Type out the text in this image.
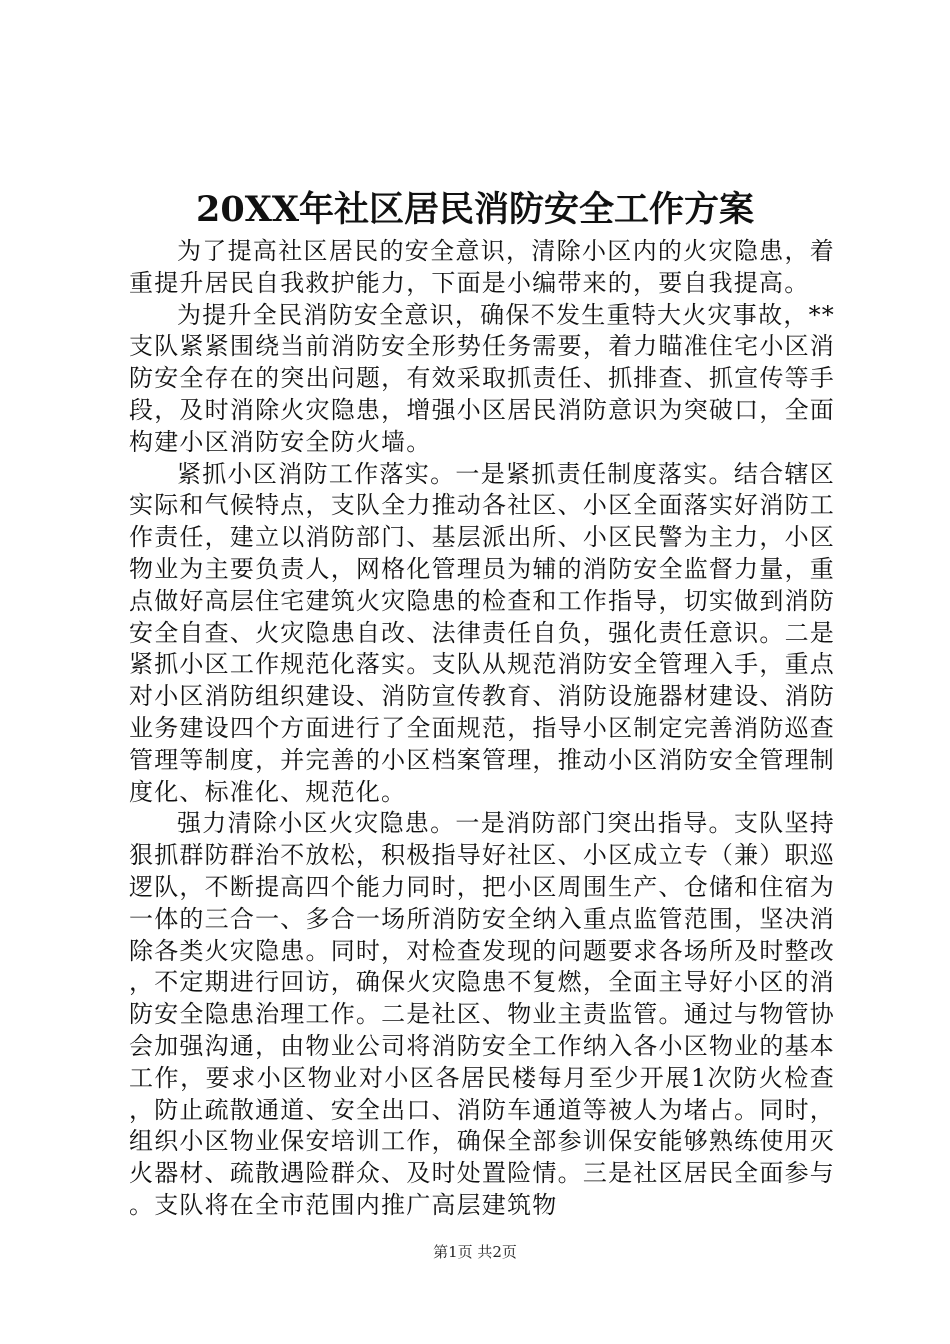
20XX年社区居民消防安全工作方案

为了提高社区居民的安全意识，清除小区内的火灾隐患，着重提升居民自我救护能力，下面是小编带来的，要自我提高。

为提升全民消防安全意识，确保不发生重特大火灾事故，**支队紧紧围绕当前消防安全形势任务需要，着力瞄准住宅小区消防安全存在的突出问题，有效采取抓责任、抓排查、抓宣传等手段，及时消除火灾隐患，增强小区居民消防意识为突破口，全面构建小区消防安全防火墙。

紧抓小区消防工作落实。一是紧抓责任制度落实。结合辖区实际和气候特点，支队全力推动各社区、小区全面落实好消防工作责任，建立以消防部门、基层派出所、小区民警为主力，小区物业为主要负责人，网格化管理员为辅的消防安全监督力量，重点做好高层住宅建筑火灾隐患的检查和工作指导，切实做到消防安全自查、火灾隐患自改、法律责任自负，强化责任意识。二是紧抓小区工作规范化落实。支队从规范消防安全管理入手，重点对小区消防组织建设、消防宣传教育、消防设施器材建设、消防业务建设四个方面进行了全面规范，指导小区制定完善消防巡查管理等制度，并完善的小区档案管理，推动小区消防安全管理制度化、标准化、规范化。

强力清除小区火灾隐患。一是消防部门突出指导。支队坚持狠抓群防群治不放松，积极指导好社区、小区成立专（兼）职巡逻队，不断提高四个能力同时，把小区周围生产、仓储和住宿为一体的三合一、多合一场所消防安全纳入重点监管范围，坚决消除各类火灾隐患。同时，对检查发现的问题要求各场所及时整改，不定期进行回访，确保火灾隐患不复燃，全面主导好小区的消防安全隐患治理工作。二是社区、物业主责监管。通过与物管协会加强沟通，由物业公司将消防安全工作纳入各小区物业的基本工作，要求小区物业对小区各居民楼每月至少开展1次防火检查，防止疏散通道、安全出口、消防车通道等被人为堵占。同时，组织小区物业保安培训工作，确保全部参训保安能够熟练使用灭火器材、疏散遇险群众、及时处置险情。三是社区居民全面参与。支队将在全市范围内推广高层建筑物

第1页 共2页
